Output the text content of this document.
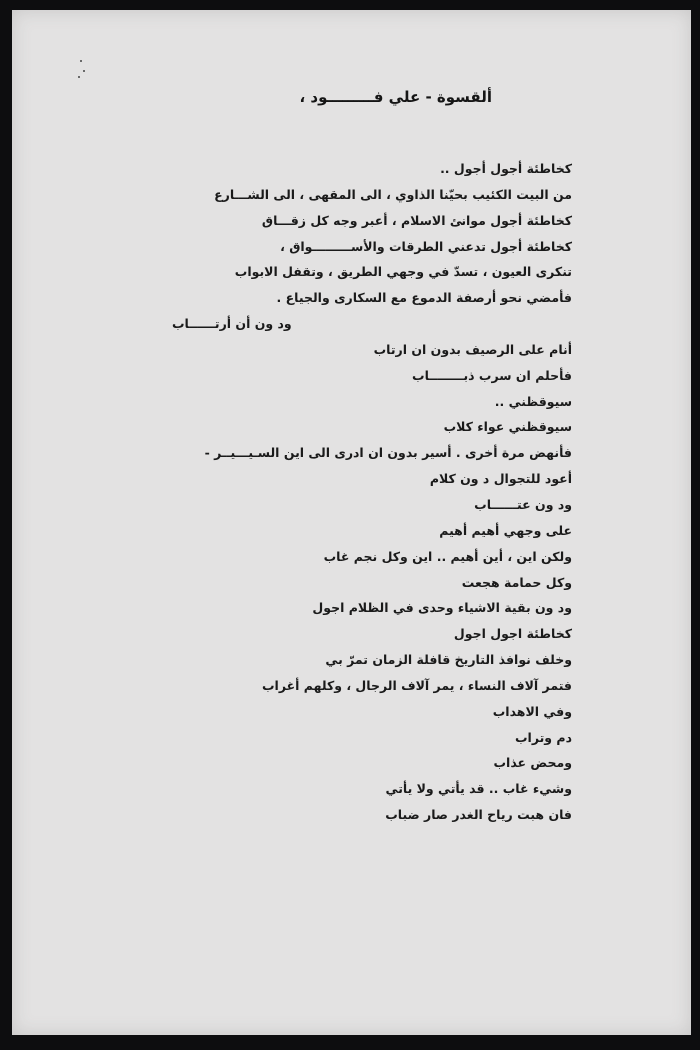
ألقسوة - علي فـــــــــود ،
كخاطئة أجول أجول ..
من البيت الكئيب بحيّنا الذاوي ، الى المقهى ، الى الشـــارع
كخاطئة أجول موانئ الاسلام ، أعبر وجه كل زقـــاق
كخاطئة أجول تدعني الطرقات والأســـــــــواق ،
تنكرى العيون ، تسدّ في وجهي الطريق ، وتقفل الابواب
فأمضي نحو أرصفة الدموع مع السكارى والجياع .
ود ون أن أرتــــــاب
أنام على الرصيف بدون ان ارتاب
فأحلم ان سرب ذبــــــــاب
سيوقظني ..
سيوقظني عواء كلاب
فأنهض مرة أخرى . أسير بدون ان ادرى الى اين السـيـــيــر -
أعود للتجوال د ون كلام
ود ون عتــــــاب
على وجهي أهيم أهيم
ولكن اين ، أين أهيم .. اين وكل نجم غاب
وكل حمامة هجعت
ود ون بقية الاشياء وحدى في الظلام اجول
كخاطئة اجول اجول
وخلف نوافذ التاريخ قافلة الزمان تمرّ بي
فتمر آلاف النساء ، يمر آلاف الرجال ، وكلهم أغراب
وفي الاهداب
دم وتراب
ومحض عذاب
وشيء غاب .. قد يأتي ولا يأتي
فان هبت رياح الغدر صار ضباب
